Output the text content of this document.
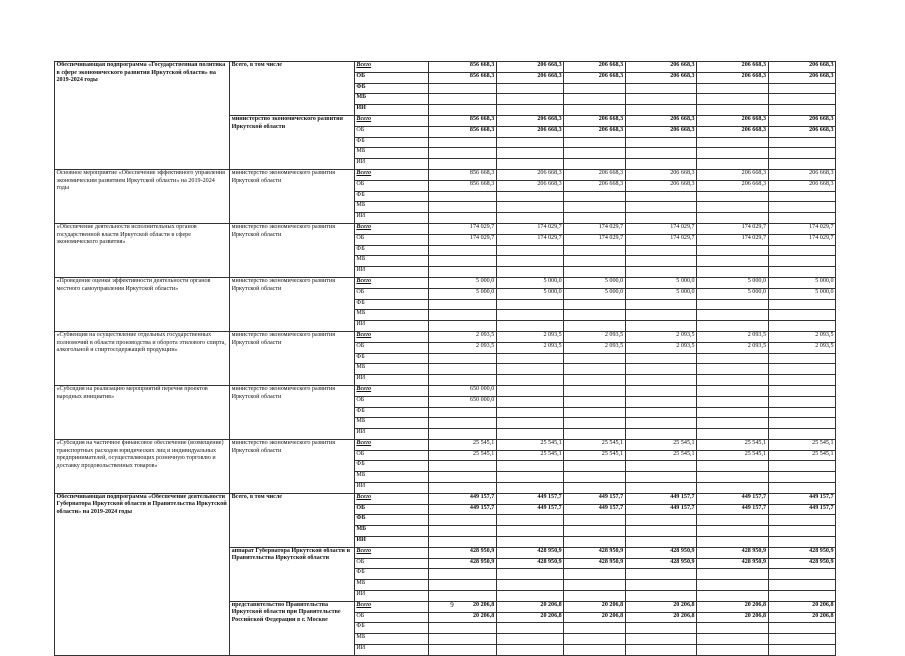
Обеспечивающая подпрограмма «Государственная политика в сфере экономического развития Иркутской области» на 2019-2024 годы	Всего, в том числе	Всего	856 668,3	206 668,3	206 668,3	206 668,3	206 668,3	206 668,3
		ОБ	856 668,3	206 668,3	206 668,3	206 668,3	206 668,3	206 668,3
		ФБ						
		МБ						
		ИИ						
	министерство экономического развития Иркутской области	Всего	856 668,3	206 668,3	206 668,3	206 668,3	206 668,3	206 668,3
		ОБ	856 668,3	206 668,3	206 668,3	206 668,3	206 668,3	206 668,3
		ФБ						
		МБ						
		ИИ						
Основное мероприятие «Обеспечение эффективного управления экономическим развитием Иркутской области» на 2019-2024 годы	министерство экономического развития Иркутской области	Всего	856 668,3	206 668,3	206 668,3	206 668,3	206 668,3	206 668,3
		ОБ	856 668,3	206 668,3	206 668,3	206 668,3	206 668,3	206 668,3
		ФБ						
		МБ						
		ИИ						
«Обеспечение деятельности исполнительных органов государственной власти Иркутской области в сфере экономического развития»	министерство экономического развития Иркутской области	Всего	174 029,7	174 029,7	174 029,7	174 029,7	174 029,7	174 029,7
		ОБ	174 029,7	174 029,7	174 029,7	174 029,7	174 029,7	174 029,7
		ФБ						
		МБ						
		ИИ						
«Проведение оценки эффективности деятельности органов местного самоуправления Иркутской области»	министерство экономического развития Иркутской области	Всего	5 000,0	5 000,0	5 000,0	5 000,0	5 000,0	5 000,0
		ОБ	5 000,0	5 000,0	5 000,0	5 000,0	5 000,0	5 000,0
		ФБ						
		МБ						
		ИИ						
«Субвенция на осуществление отдельных государственных полномочий в области производства и оборота этилового спирта, алкогольной и спиртосодержащей продукции»	министерство экономического развития Иркутской области	Всего	2 093,5	2 093,5	2 093,5	2 093,5	2 093,5	2 093,5
		ОБ	2 093,5	2 093,5	2 093,5	2 093,5	2 093,5	2 093,5
		ФБ						
		МБ						
		ИИ						
«Субсидия на реализацию мероприятий перечня проектов народных инициатив»	министерство экономического развития Иркутской области	Всего	650 000,0					
		ОБ	650 000,0					
		ФБ						
		МБ						
		ИИ						
«Субсидия на частичное финансовое обеспечение (возмещение) транспортных расходов юридических лиц и индивидуальных предпринимателей, осуществляющих розничную торговлю и доставку продовольственных товаров»	министерство экономического развития Иркутской области	Всего	25 545,1	25 545,1	25 545,1	25 545,1	25 545,1	25 545,1
		ОБ	25 545,1	25 545,1	25 545,1	25 545,1	25 545,1	25 545,1
		ФБ						
		МБ						
		ИИ						
Обеспечивающая подпрограмма «Обеспечение деятельности Губернатора Иркутской области и Правительства Иркутской области» на 2019-2024 годы	Всего, в том числе	Всего	449 157,7	449 157,7	449 157,7	449 157,7	449 157,7	449 157,7
		ОБ	449 157,7	449 157,7	449 157,7	449 157,7	449 157,7	449 157,7
		ФБ						
		МБ						
		ИИ						
	аппарат Губернатора Иркутской области и Правительства Иркутской области	Всего	428 950,9	428 950,9	428 950,9	428 950,9	428 950,9	428 950,9
		ОБ	428 950,9	428 950,9	428 950,9	428 950,9	428 950,9	428 950,9
		ФБ						
		МБ						
		ИИ						
	представительство Правительства Иркутской области при Правительстве Российской Федерации в г. Москве	Всего	20 206,8	20 206,8	20 206,8	20 206,8	20 206,8	20 206,8
		ОБ	20 206,8	20 206,8	20 206,8	20 206,8	20 206,8	20 206,8
		ФБ						
		МБ						
		ИИ						
9
